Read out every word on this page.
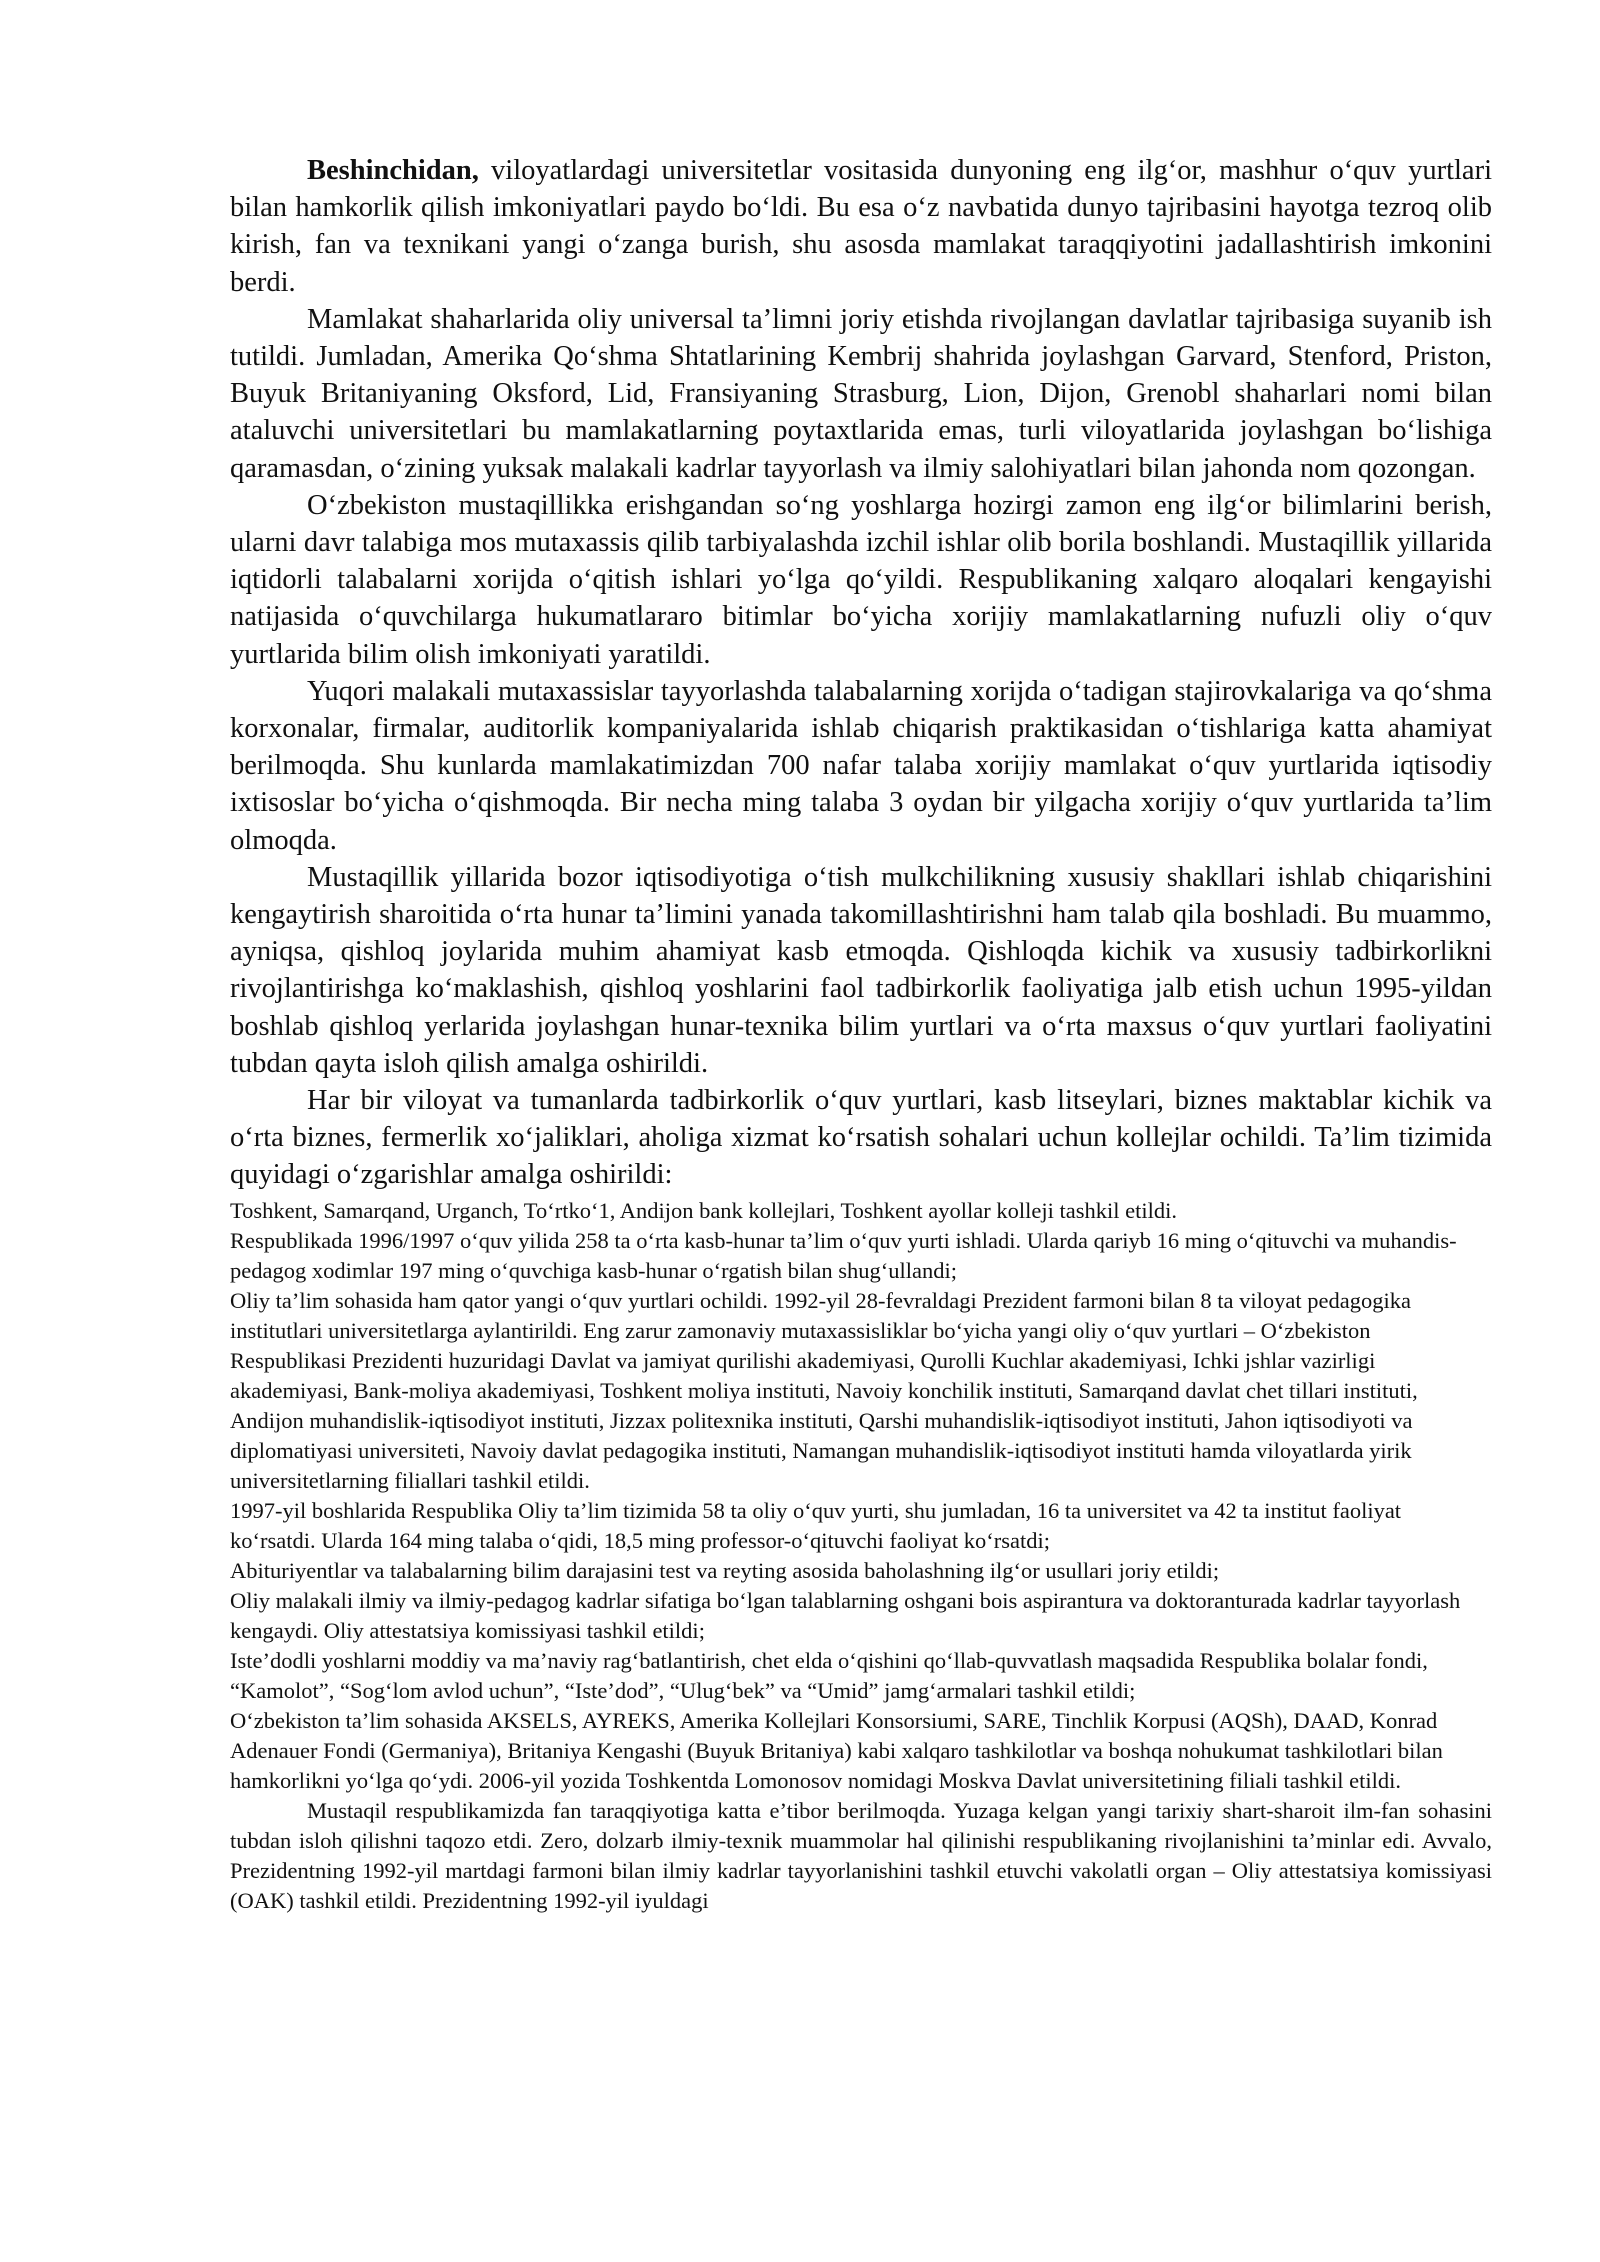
Beshinchidan, viloyatlardagi universitetlar vositasida dunyoning eng ilg‘or, mashhur o‘quv yurtlari bilan hamkorlik qilish imkoniyatlari paydo bo‘ldi. Bu esa o‘z navbatida dunyo tajribasini hayotga tezroq olib kirish, fan va texnikani yangi o‘zanga burish, shu asosda mamlakat taraqqiyotini jadallashtirish imkonini berdi.

Mamlakat shaharlarida oliy universal ta’limni joriy etishda rivojlangan davlatlar tajribasiga suyanib ish tutildi. Jumladan, Amerika Qo‘shma Shtatlarining Kembrij shahrida joylashgan Garvard, Stenford, Priston, Buyuk Britaniyaning Oksford, Lid, Fransiyaning Strasburg, Lion, Dijon, Grenobl shaharlari nomi bilan ataluvchi universitetlari bu mamlakatlarning poytaxtlarida emas, turli viloyatlarida joylashgan bo‘lishiga qaramasdan, o‘zining yuksak malakali kadrlar tayyorlash va ilmiy salohiyatlari bilan jahonda nom qozongan.

O‘zbekiston mustaqillikka erishgandan so‘ng yoshlarga hozirgi zamon eng ilg‘or bilimlarini berish, ularni davr talabiga mos mutaxassis qilib tarbiyalashda izchil ishlar olib borila boshlandi. Mustaqillik yillarida iqtidorli talabalarni xorijda o‘qitish ishlari yo‘lga qo‘yildi. Respublikaning xalqaro aloqalari kengayishi natijasida o‘quvchilarga hukumatlararo bitimlar bo‘yicha xorijiy mamlakatlarning nufuzli oliy o‘quv yurtlarida bilim olish imkoniyati yaratildi.

Yuqori malakali mutaxassislar tayyorlashda talabalarning xorijda o‘tadigan stajirovkalariga va qo‘shma korxonalar, firmalar, auditorlik kompaniyalarida ishlab chiqarish praktikasidan o‘tishlariga katta ahamiyat berilmoqda. Shu kunlarda mamlakatimizdan 700 nafar talaba xorijiy mamlakat o‘quv yurtlarida iqtisodiy ixtisoslar bo‘yicha o‘qishmoqda. Bir necha ming talaba 3 oydan bir yilgacha xorijiy o‘quv yurtlarida ta’lim olmoqda.

Mustaqillik yillarida bozor iqtisodiyotiga o‘tish mulkchilikning xususiy shakllari ishlab chiqarishini kengaytirish sharoitida o‘rta hunar ta’limini yanada takomillashtirishni ham talab qila boshladi. Bu muammo, ayniqsa, qishloq joylarida muhim ahamiyat kasb etmoqda. Qishloqda kichik va xususiy tadbirkorlikni rivojlantirishga ko‘maklashish, qishloq yoshlarini faol tadbirkorlik faoliyatiga jalb etish uchun 1995-yildan boshlab qishloq yerlarida joylashgan hunar-texnika bilim yurtlari va o‘rta maxsus o‘quv yurtlari faoliyatini tubdan qayta isloh qilish amalga oshirildi.

Har bir viloyat va tumanlarda tadbirkorlik o‘quv yurtlari, kasb litseylari, biznes maktablar kichik va o‘rta biznes, fermerlik xo‘jaliklari, aholiga xizmat ko‘rsatish sohalari uchun kollejlar ochildi. Ta’lim tizimida quyidagi o‘zgarishlar amalga oshirildi:

Toshkent, Samarqand, Urganch, To‘rtko‘1, Andijon bank kollejlari, Toshkent ayollar kolleji tashkil etildi.

Respublikada 1996/1997 o‘quv yilida 258 ta o‘rta kasb-hunar ta’lim o‘quv yurti ishladi. Ularda qariyb 16 ming o‘qituvchi va muhandis-pedagog xodimlar 197 ming o‘quvchiga kasb-hunar o‘rgatish bilan shug‘ullandi;

Oliy ta’lim sohasida ham qator yangi o‘quv yurtlari ochildi. 1992-yil 28-fevraldagi Prezident farmoni bilan 8 ta viloyat pedagogika institutlari universitetlarga aylantirildi. Eng zarur zamonaviy mutaxassisliklar bo‘yicha yangi oliy o‘quv yurtlari – O‘zbekiston Respublikasi Prezidenti huzuridagi Davlat va jamiyat qurilishi akademiyasi, Qurolli Kuchlar akademiyasi, Ichki jshlar vazirligi akademiyasi, Bank-moliya akademiyasi, Toshkent moliya instituti, Navoiy konchilik instituti, Samarqand davlat chet tillari instituti, Andijon muhandislik-iqtisodiyot instituti, Jizzax politexnika instituti, Qarshi muhandislik-iqtisodiyot instituti, Jahon iqtisodiyoti va diplomatiyasi universiteti, Navoiy davlat pedagogika instituti, Namangan muhandislik-iqtisodiyot instituti hamda viloyatlarda yirik universitetlarning filiallari tashkil etildi.

1997-yil boshlarida Respublika Oliy ta’lim tizimida 58 ta oliy o‘quv yurti, shu jumladan, 16 ta universitet va 42 ta institut faoliyat ko‘rsatdi. Ularda 164 ming talaba o‘qidi, 18,5 ming professor-o‘qituvchi faoliyat ko‘rsatdi;

Abituriyentlar va talabalarning bilim darajasini test va reyting asosida baholashning ilg‘or usullari joriy etildi;

Oliy malakali ilmiy va ilmiy-pedagog kadrlar sifatiga bo‘lgan talablarning oshgani bois aspirantura va doktoranturada kadrlar tayyorlash kengaydi. Oliy attestatsiya komissiyasi tashkil etildi;

Iste’dodli yoshlarni moddiy va ma’naviy rag‘batlantirish, chet elda o‘qishini qo‘llab-quvvatlash maqsadida Respublika bolalar fondi, “Kamolot”, “Sog‘lom avlod uchun”, “Iste’dod”, “Ulug‘bek” va “Umid” jamg‘armalari tashkil etildi;

O‘zbekiston ta’lim sohasida AKSELS, AYREKS, Amerika Kollejlari Konsorsiumi, SARE, Tinchlik Korpusi (AQSh), DAAD, Konrad Adenauer Fondi (Germaniya), Britaniya Kengashi (Buyuk Britaniya) kabi xalqaro tashkilotlar va boshqa nohukumat tashkilotlari bilan hamkorlikni yo‘lga qo‘ydi. 2006-yil yozida Toshkentda Lomonosov nomidagi Moskva Davlat universitetining filiali tashkil etildi.

Mustaqil respublikamizda fan taraqqiyotiga katta e’tibor berilmoqda. Yuzaga kelgan yangi tarixiy shart-sharoit ilm-fan sohasini tubdan isloh qilishni taqozo etdi. Zero, dolzarb ilmiy-texnik muammolar hal qilinishi respublikaning rivojlanishini ta’minlar edi. Avvalo, Prezidentning 1992-yil martdagi farmoni bilan ilmiy kadrlar tayyorlanishini tashkil etuvchi vakolatli organ – Oliy attestatsiya komissiyasi (OAK) tashkil etildi. Prezidentning 1992-yil iyuldagi
